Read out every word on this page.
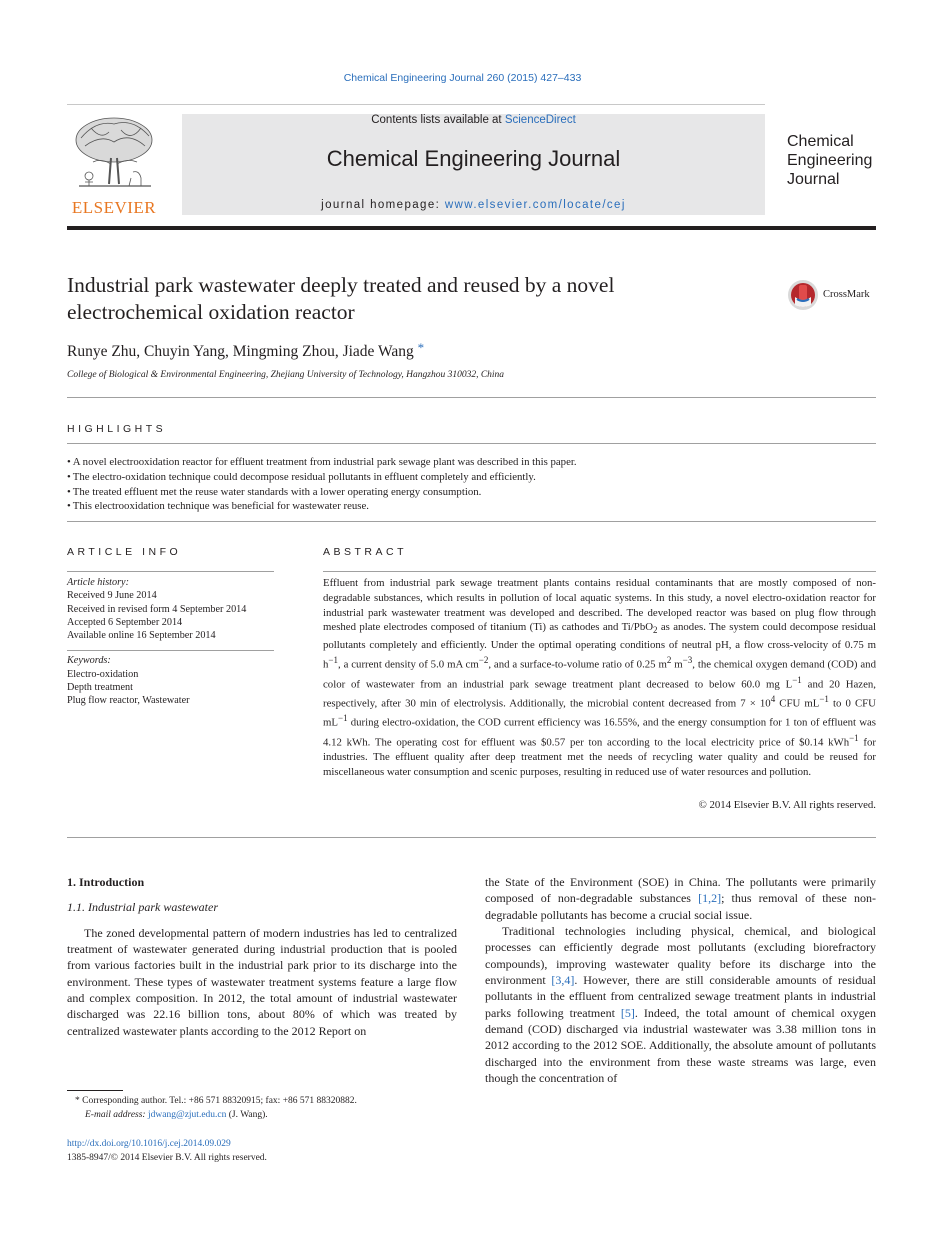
Chemical Engineering Journal 260 (2015) 427–433
ELSEVIER
Contents lists available at ScienceDirect
Chemical Engineering Journal
journal homepage: www.elsevier.com/locate/cej
Chemical
Engineering
Journal
Industrial park wastewater deeply treated and reused by a novel
electrochemical oxidation reactor
CrossMark
Runye Zhu, Chuyin Yang, Mingming Zhou, Jiade Wang *
College of Biological & Environmental Engineering, Zhejiang University of Technology, Hangzhou 310032, China
HIGHLIGHTS
• A novel electrooxidation reactor for effluent treatment from industrial park sewage plant was described in this paper.
• The electro-oxidation technique could decompose residual pollutants in effluent completely and efficiently.
• The treated effluent met the reuse water standards with a lower operating energy consumption.
• This electrooxidation technique was beneficial for wastewater reuse.
ARTICLE INFO
Article history:
Received 9 June 2014
Received in revised form 4 September 2014
Accepted 6 September 2014
Available online 16 September 2014
Keywords:
Electro-oxidation
Depth treatment
Plug flow reactor, Wastewater
ABSTRACT
Effluent from industrial park sewage treatment plants contains residual contaminants that are mostly composed of non-degradable substances, which results in pollution of local aquatic systems. In this study, a novel electro-oxidation reactor for industrial park wastewater treatment was developed and described. The developed reactor was based on plug flow through meshed plate electrodes composed of titanium (Ti) as cathodes and Ti/PbO$_2$ as anodes. The system could decompose residual pollutants completely and efficiently. Under the optimal operating conditions of neutral pH, a flow cross-velocity of 0.75 m $h^{-1}$, a current density of 5.0 mA $cm^{-2}$, and a surface-to-volume ratio of 0.25 $m^2$ $m^{-3}$, the chemical oxygen demand (COD) and color of wastewater from an industrial park sewage treatment plant decreased to below 60.0 mg $L^{-1}$ and 20 Hazen, respectively, after 30 min of electrolysis. Additionally, the microbial content decreased from $7 \times 10^4$ CFU $mL^{-1}$ to 0 CFU $mL^{-1}$ during electro-oxidation, the COD current efficiency was 16.55%, and the energy consumption for 1 ton of effluent was 4.12 kWh. The operating cost for effluent was $0.57 per ton according to the local electricity price of $0.14 kWh$^{-1}$ for industries. The effluent quality after deep treatment met the needs of recycling water quality and could be reused for miscellaneous water consumption and scenic purposes, resulting in reduced use of water resources and pollution.
© 2014 Elsevier B.V. All rights reserved.
1. Introduction
1.1. Industrial park wastewater

The zoned developmental pattern of modern industries has led to centralized treatment of wastewater generated during industrial production that is pooled from various factories built in the industrial park prior to its discharge into the environment. These types of wastewater treatment systems feature a large flow and complex composition. In 2012, the total amount of industrial wastewater discharged was 22.16 billion tons, about 80% of which was treated by centralized wastewater plants according to the 2012 Report on

the State of the Environment (SOE) in China. The pollutants were primarily composed of non-degradable substances [1,2]; thus removal of these non-degradable pollutants has become a crucial social issue.

Traditional technologies including physical, chemical, and biological processes can efficiently degrade most pollutants (excluding biorefractory compounds), improving wastewater quality before its discharge into the environment [3,4]. However, there are still considerable amounts of residual pollutants in the effluent from centralized sewage treatment plants in industrial parks following treatment [5]. Indeed, the total amount of chemical oxygen demand (COD) discharged via industrial wastewater was 3.38 million tons in 2012 according to the 2012 SOE. Additionally, the absolute amount of pollutants discharged into the environment from these waste streams was large, even though the concentration of

* Corresponding author. Tel.: +86 571 88320915; fax: +86 571 88320882.
E-mail address: jdwang@zjut.edu.cn (J. Wang).
http://dx.doi.org/10.1016/j.cej.2014.09.029
1385-8947/© 2014 Elsevier B.V. All rights reserved.
